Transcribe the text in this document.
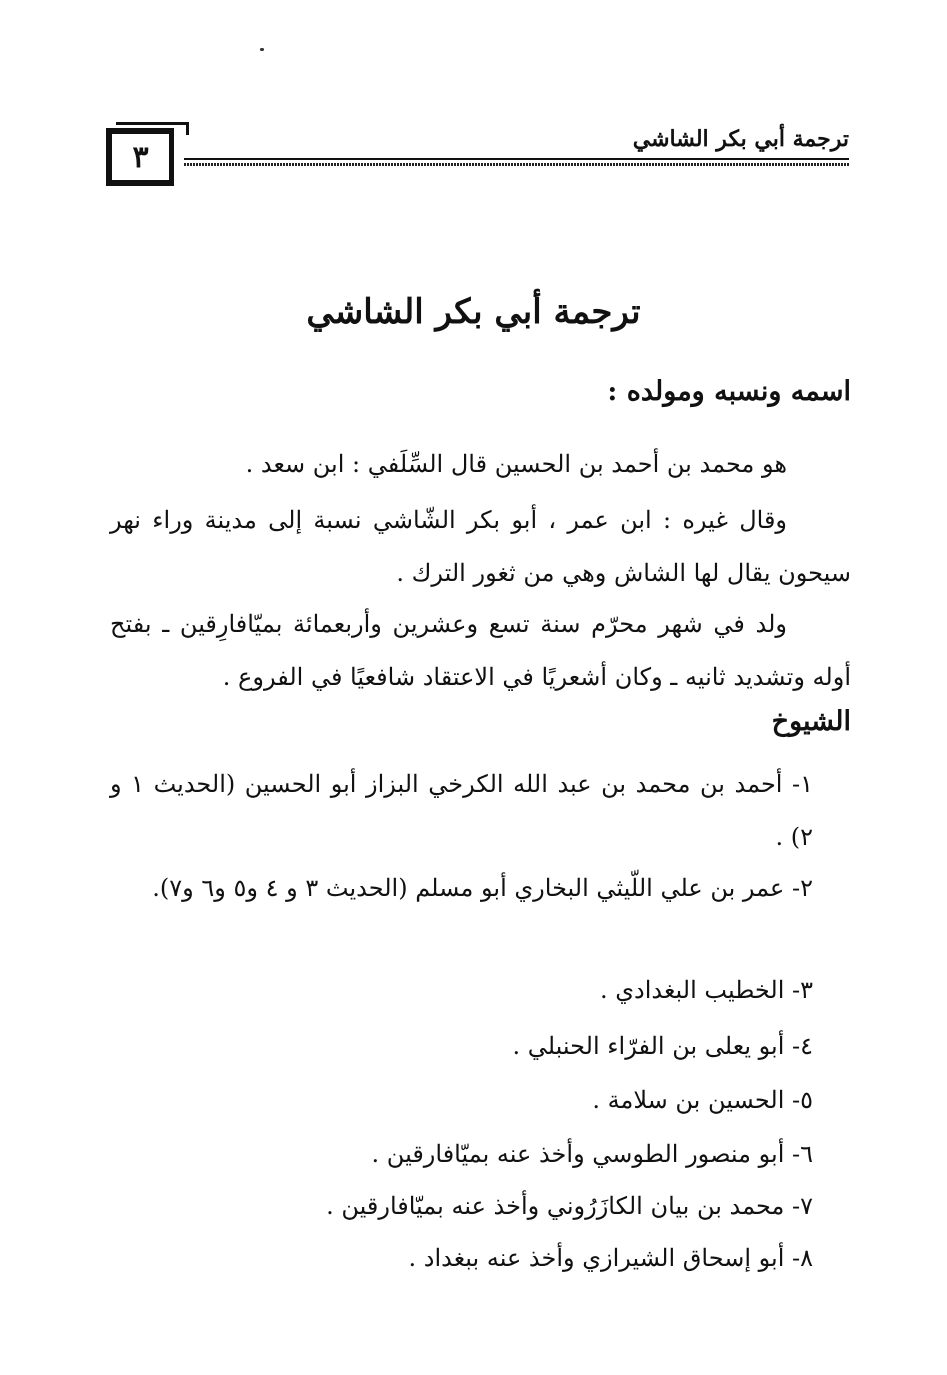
٣
ترجمة أبي بكر الشاشي
ترجمة أبي بكر الشاشي
اسمه ونسبه ومولده :
هو محمد بن أحمد بن الحسين قال السِّلَفي : ابن سعد .
وقال غيره : ابن عمر ، أبو بكر الشّاشي نسبة إلى مدينة وراء نهر سيحون يقال لها الشاش وهي من ثغور الترك .
ولد في شهر محرّم سنة تسع وعشرين وأربعمائة بميّافارِقين ـ بفتح أوله وتشديد ثانيه ـ وكان أشعريًا في الاعتقاد شافعيًا في الفروع .
الشيوخ
١- أحمد بن محمد بن عبد الله الكرخي البزاز أبو الحسين (الحديث ١ و ٢) .
٢- عمر بن علي اللّيثي البخاري أبو مسلم (الحديث ٣ و ٤ و٥ و٦ و٧).
٣- الخطيب البغدادي .
٤- أبو يعلى بن الفرّاء الحنبلي .
٥- الحسين بن سلامة .
٦- أبو منصور الطوسي وأخذ عنه بميّافارقين .
٧- محمد بن بيان الكازَرُوني وأخذ عنه بميّافارقين .
٨- أبو إسحاق الشيرازي وأخذ عنه ببغداد .
